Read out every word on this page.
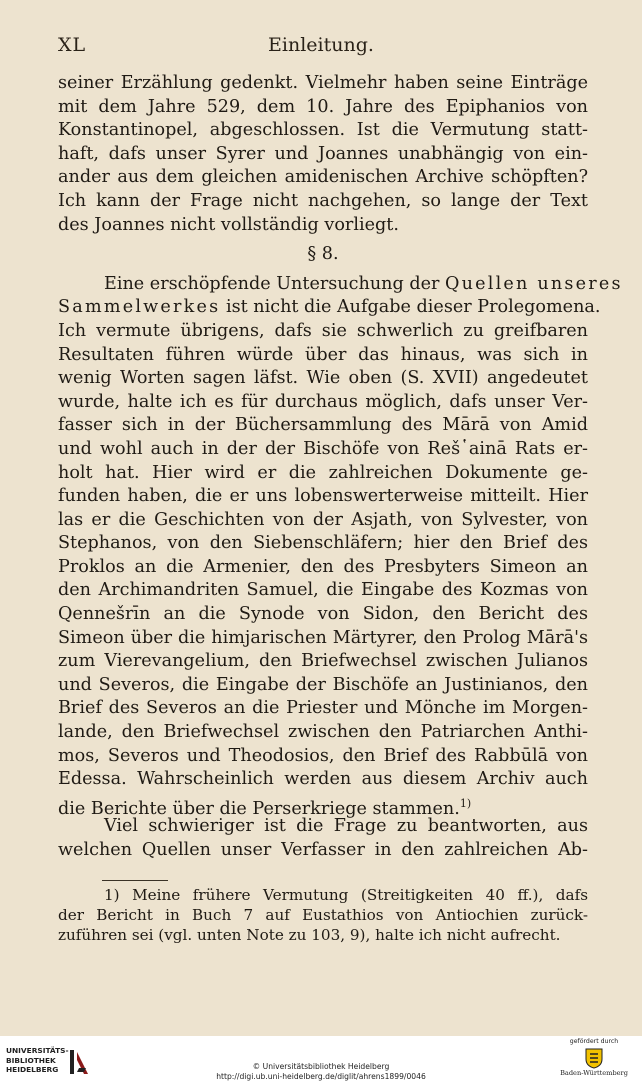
XL	Einleitung.
seiner Erzählung gedenkt. Vielmehr haben seine Einträge
mit dem Jahre 529, dem 10. Jahre des Epiphanios von
Konstantinopel, abgeschlossen. Ist die Vermutung statt-
haft, dafs unser Syrer und Joannes unabhängig von ein-
ander aus dem gleichen amidenischen Archive schöpften?
Ich kann der Frage nicht nachgehen, so lange der Text
des Joannes nicht vollständig vorliegt.
§ 8.
Eine erschöpfende Untersuchung der Quellen unseres
Sammelwerkes ist nicht die Aufgabe dieser Prolegomena.
Ich vermute übrigens, dafs sie schwerlich zu greifbaren
Resultaten führen würde über das hinaus, was sich in
wenig Worten sagen läfst. Wie oben (S. XVII) angedeutet
wurde, halte ich es für durchaus möglich, dafs unser Ver-
fasser sich in der Büchersammlung des Mārā von Amid
und wohl auch in der der Bischöfe von Reš῾ainā Rats er-
holt hat. Hier wird er die zahlreichen Dokumente ge-
funden haben, die er uns lobenswerterweise mitteilt. Hier
las er die Geschichten von der Asjath, von Sylvester, von
Stephanos, von den Siebenschläfern; hier den Brief des
Proklos an die Armenier, den des Presbyters Simeon an
den Archimandriten Samuel, die Eingabe des Kozmas von
Qennešrīn an die Synode von Sidon, den Bericht des
Simeon über die himjarischen Märtyrer, den Prolog Mārā's
zum Vierevangelium, den Briefwechsel zwischen Julianos
und Severos, die Eingabe der Bischöfe an Justinianos, den
Brief des Severos an die Priester und Mönche im Morgen-
lande, den Briefwechsel zwischen den Patriarchen Anthi-
mos, Severos und Theodosios, den Brief des Rabbūlā von
Edessa. Wahrscheinlich werden aus diesem Archiv auch
die Berichte über die Perserkriege stammen.$^{1)}$
Viel schwieriger ist die Frage zu beantworten, aus
welchen Quellen unser Verfasser in den zahlreichen Ab-
1) Meine frühere Vermutung (Streitigkeiten 40 ff.), dafs
der Bericht in Buch 7 auf Eustathios von Antiochien zurück-
zuführen sei (vgl. unten Note zu 103, 9), halte ich nicht aufrecht.
UNIVERSITÄTS-
BIBLIOTHEK
HEIDELBERG	© Universitätsbibliothek Heidelberg
http://digi.ub.uni-heidelberg.de/diglit/ahrens1899/0046
gefördert durch
Baden-Württemberg
